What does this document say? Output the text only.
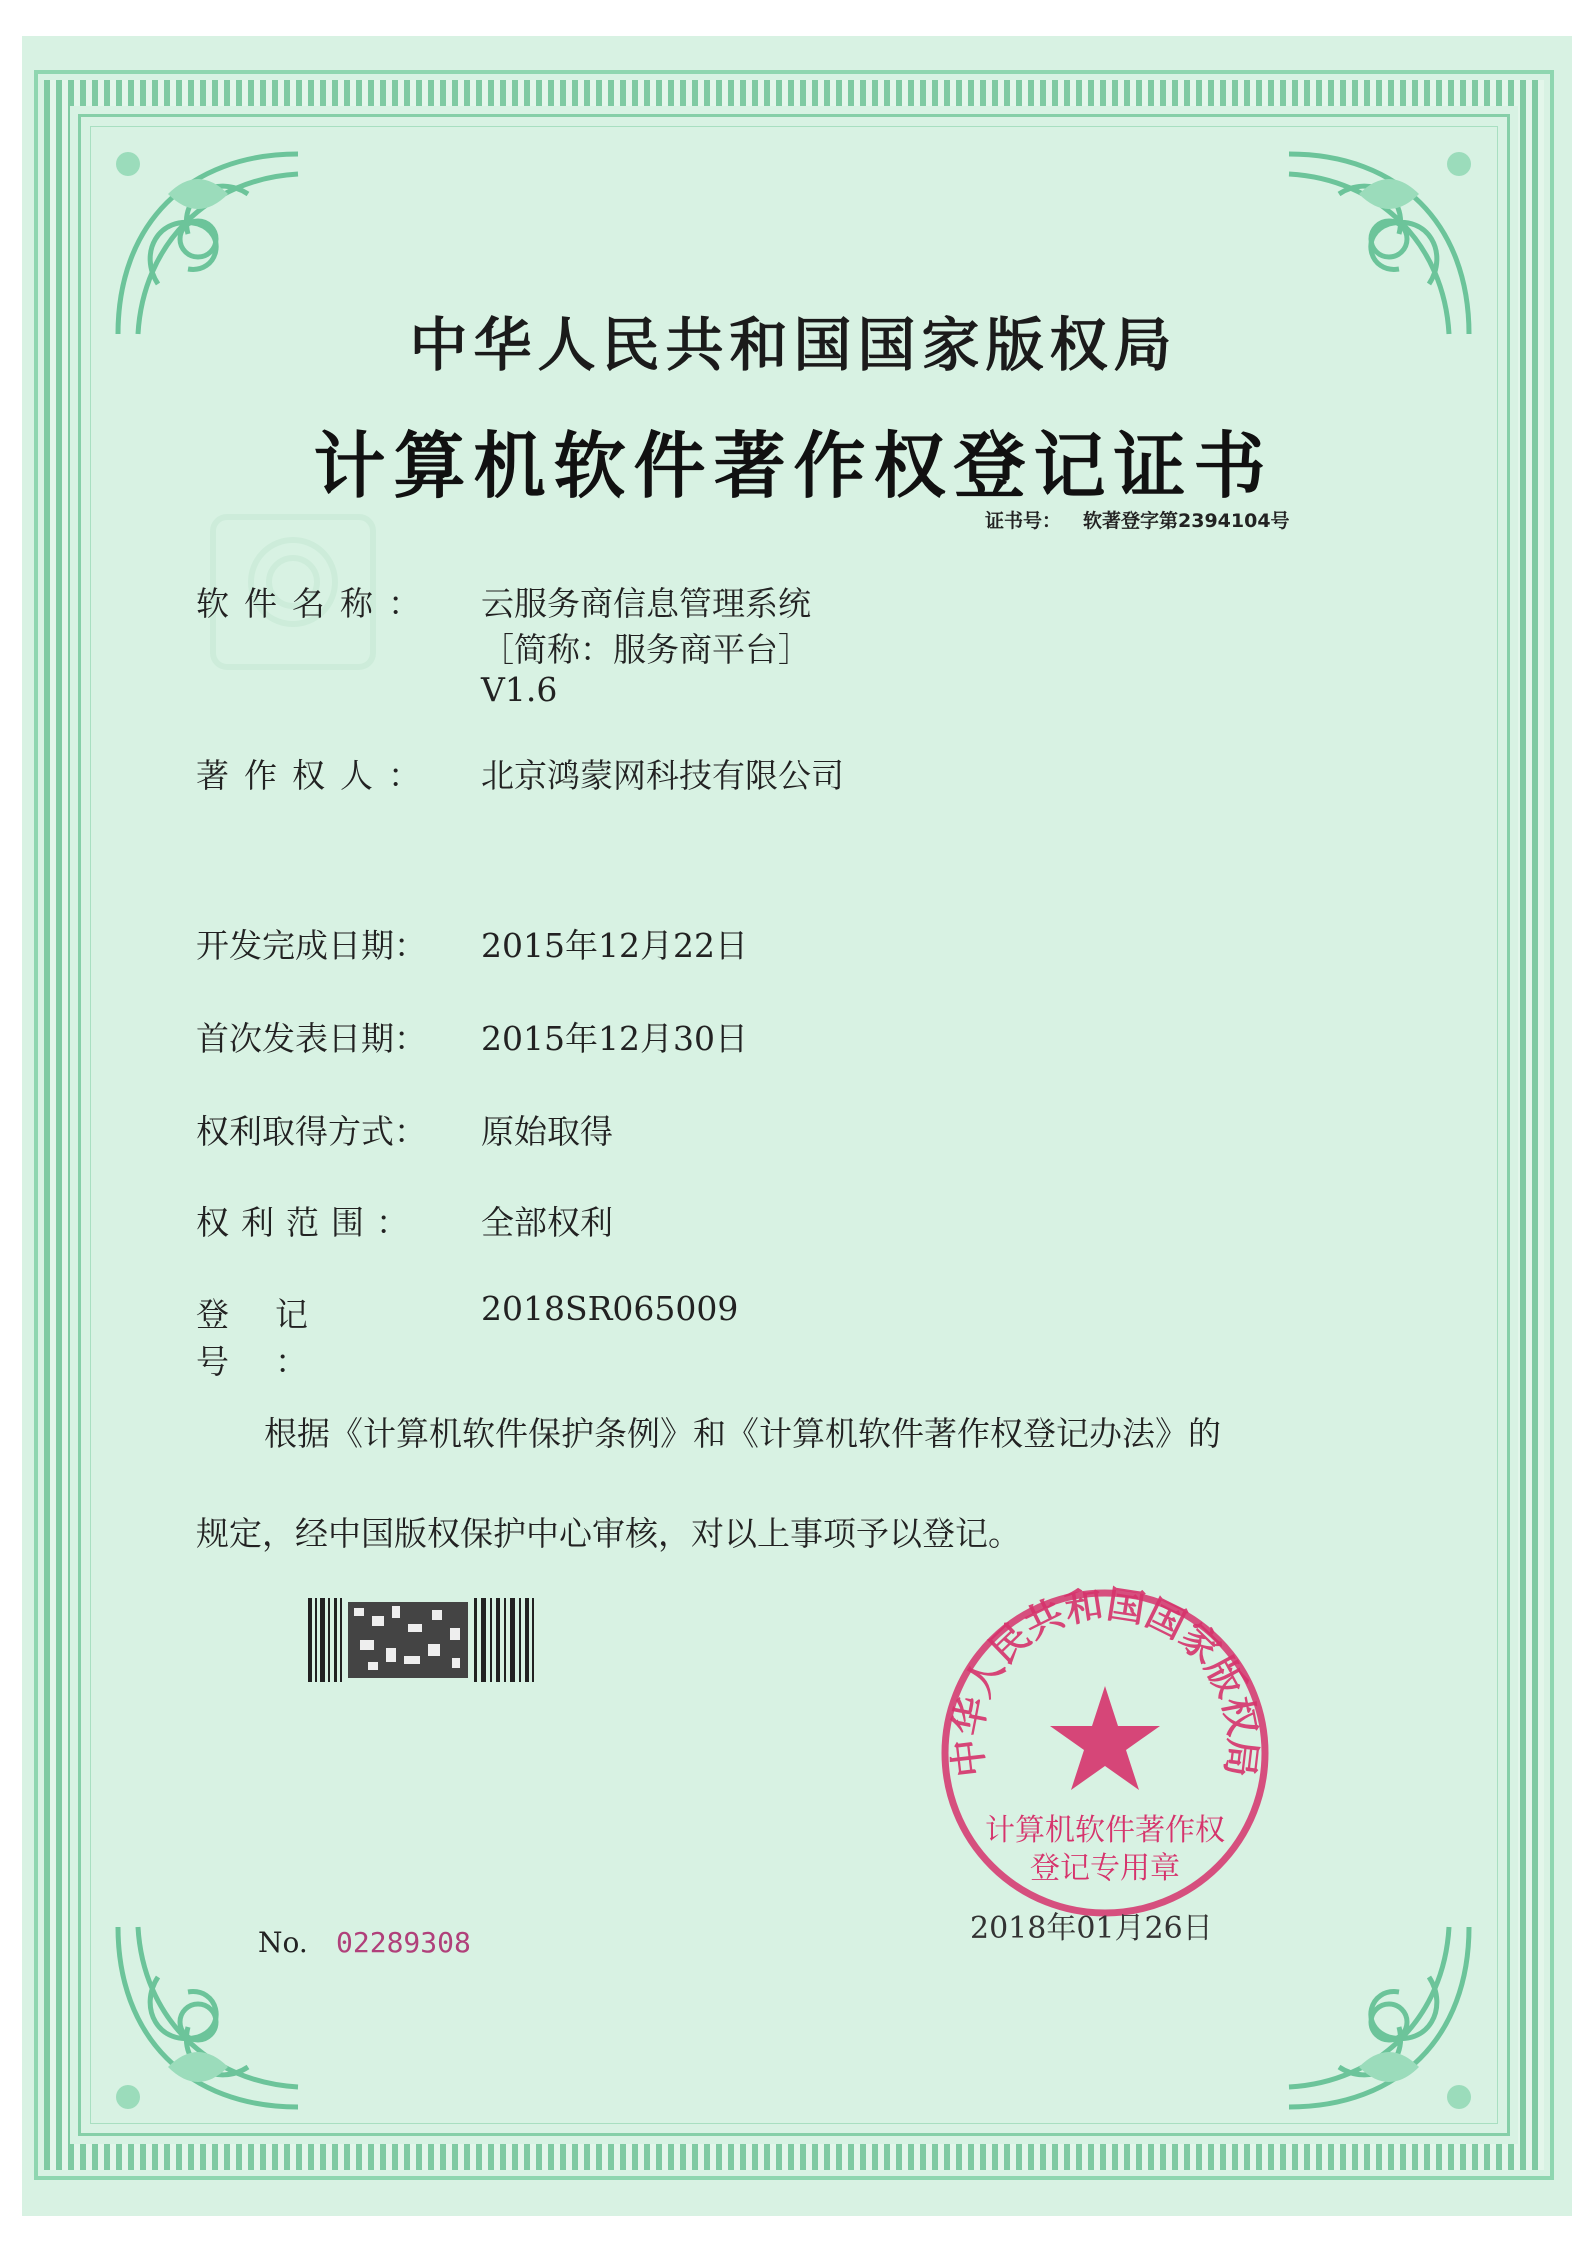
中华人民共和国国家版权局
计算机软件著作权登记证书
证书号： 软著登字第2394104号
软件名称： 云服务商信息管理系统
［简称：服务商平台］
V1.6
著作权人： 北京鸿蒙网科技有限公司
开发完成日期： 2015年12月22日
首次发表日期： 2015年12月30日
权利取得方式： 原始取得
权利范围： 全部权利
登记号：
2018SR065009
根据《计算机软件保护条例》和《计算机软件著作权登记办法》的
规定，经中国版权保护中心审核，对以上事项予以登记。
No. 02289308
中华人民共和国国家版权局
计算机软件著作权
登记专用章
2018年01月26日
